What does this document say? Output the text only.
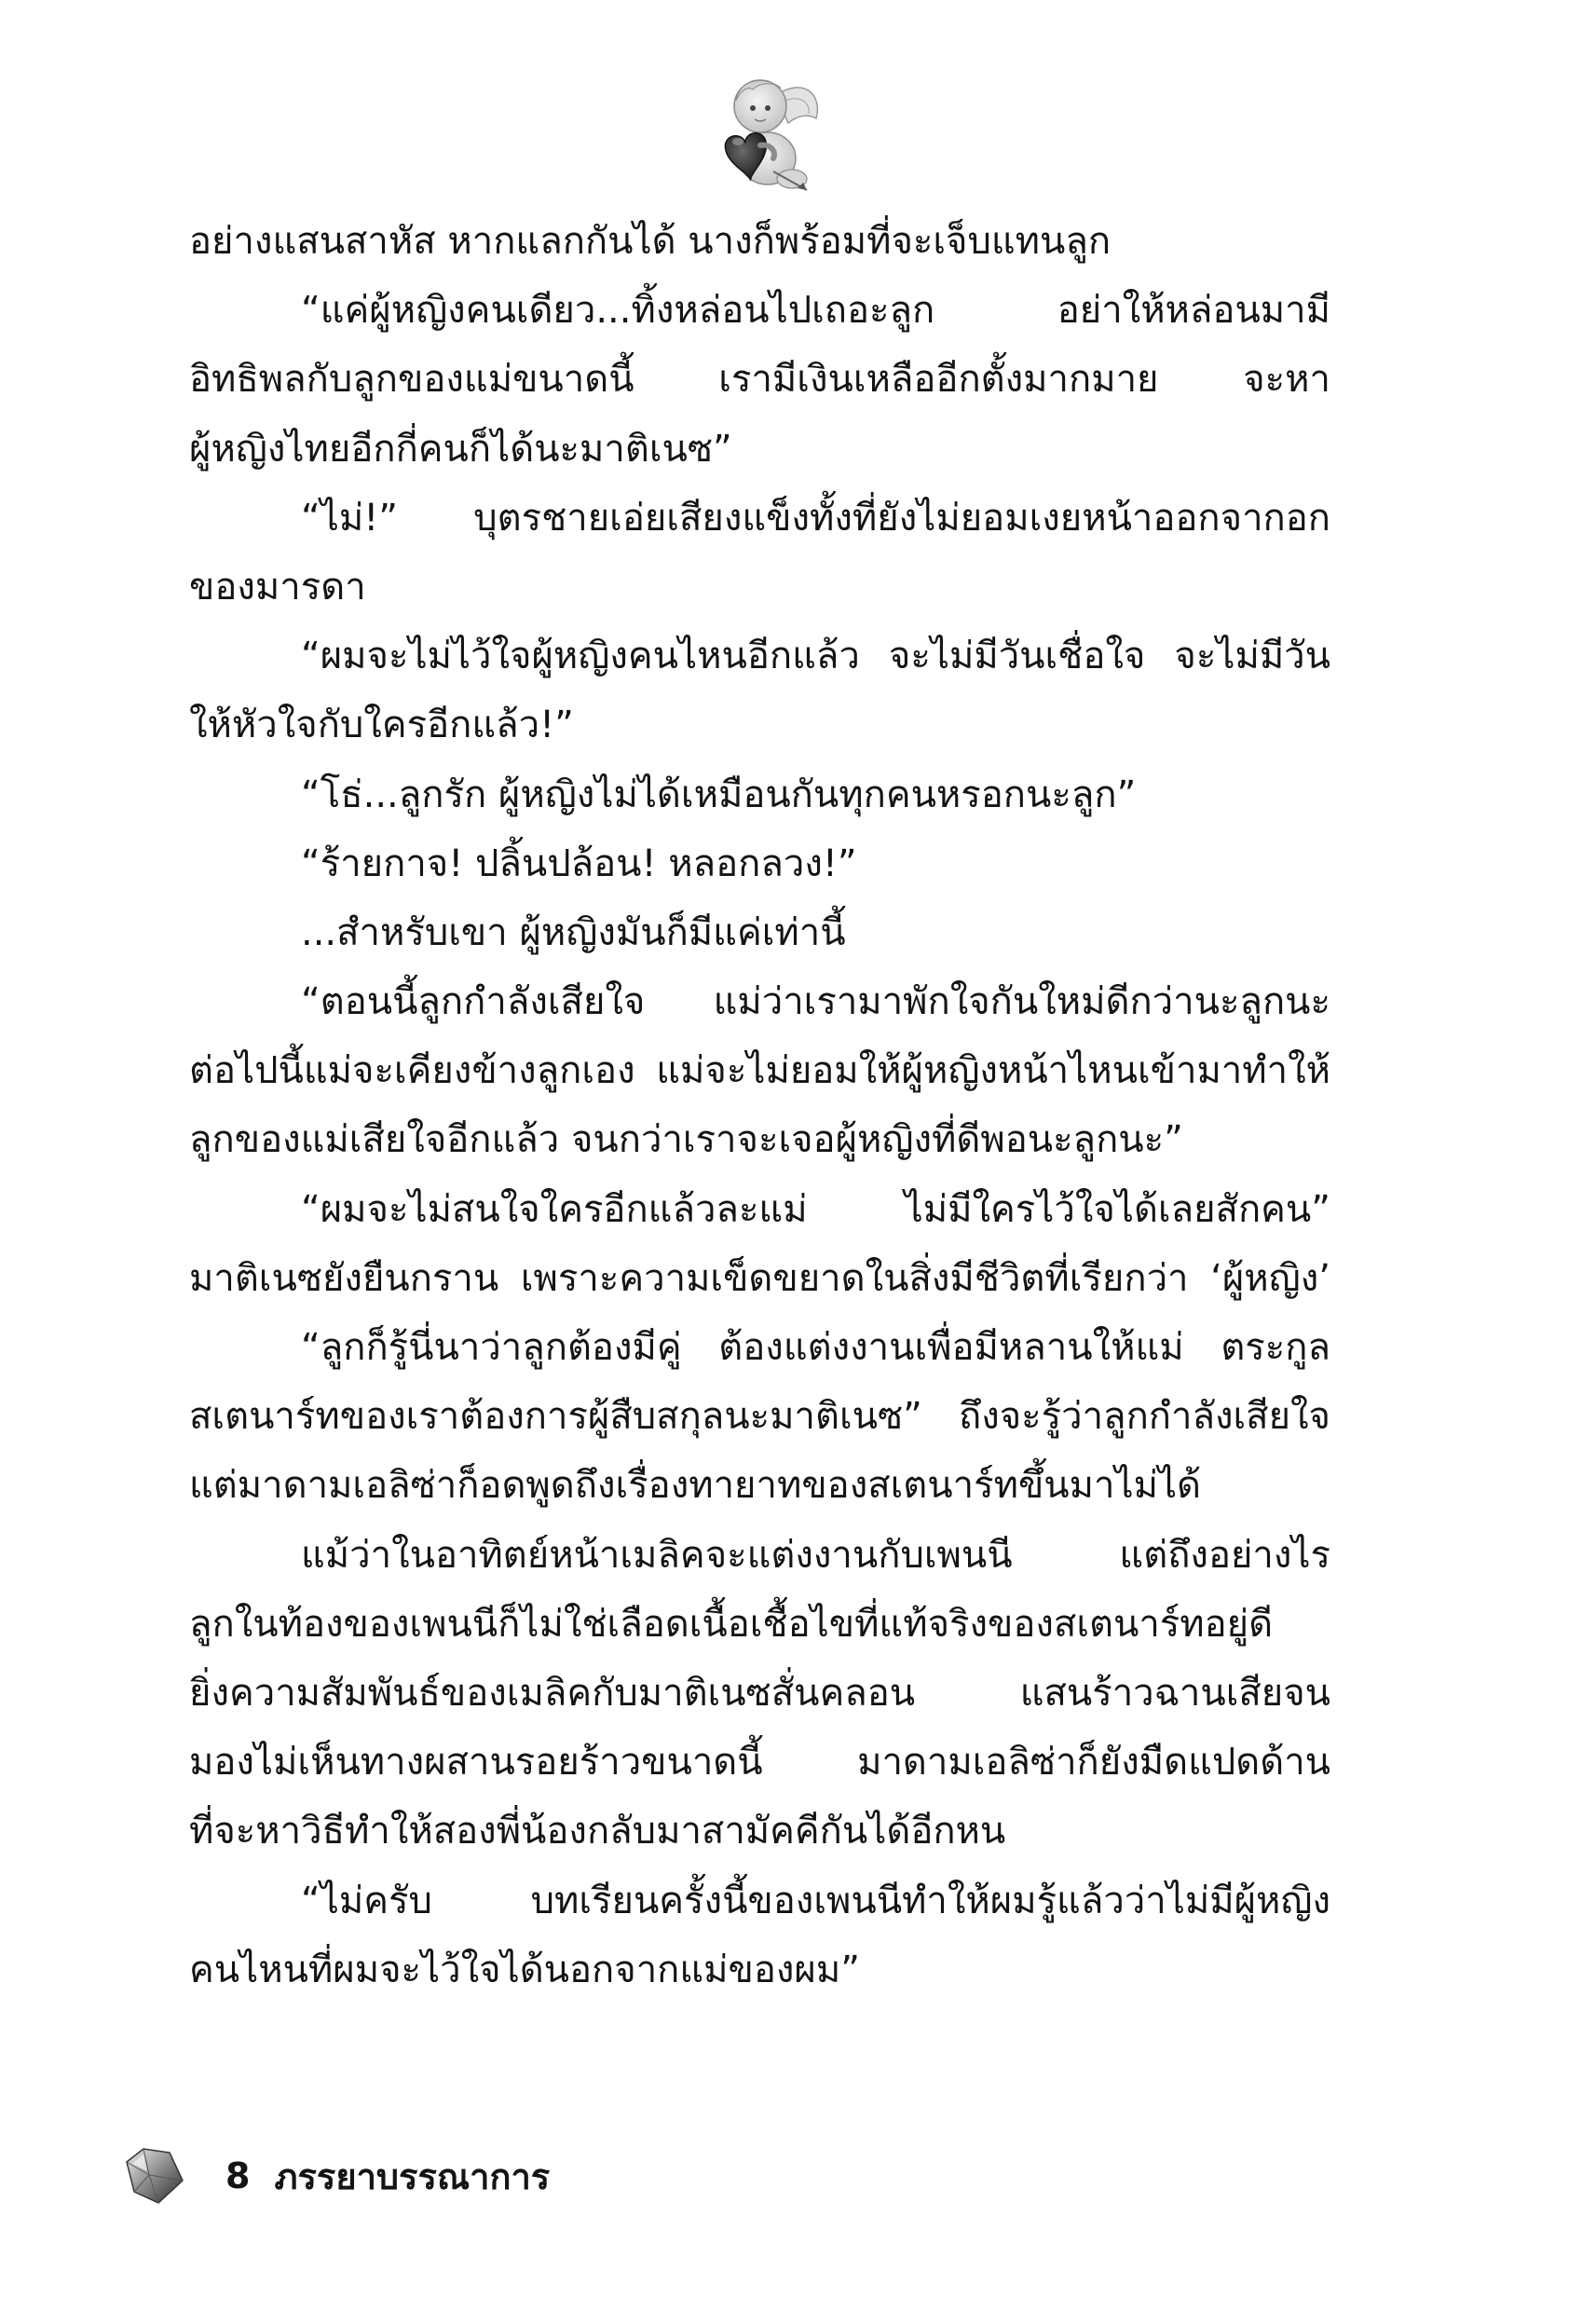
อย่างแสนสาหัส หากแลกกันได้ นางก็พร้อมที่จะเจ็บแทนลูก
“แค่ผู้หญิงคนเดียว...ทิ้งหล่อนไปเถอะลูก อย่าให้หล่อนมามี
อิทธิพลกับลูกของแม่ขนาดนี้ เรามีเงินเหลืออีกตั้งมากมาย จะหา
ผู้หญิงไทยอีกกี่คนก็ได้นะมาติเนซ”
“ไม่!” บุตรชายเอ่ยเสียงแข็งทั้งที่ยังไม่ยอมเงยหน้าออกจากอก
ของมารดา
“ผมจะไม่ไว้ใจผู้หญิงคนไหนอีกแล้ว จะไม่มีวันเชื่อใจ จะไม่มีวัน
ให้หัวใจกับใครอีกแล้ว!”
“โธ่...ลูกรัก ผู้หญิงไม่ได้เหมือนกันทุกคนหรอกนะลูก”
“ร้ายกาจ! ปลิ้นปล้อน! หลอกลวง!”
...สำหรับเขา ผู้หญิงมันก็มีแค่เท่านี้
“ตอนนี้ลูกกำลังเสียใจ แม่ว่าเรามาพักใจกันใหม่ดีกว่านะลูกนะ
ต่อไปนี้แม่จะเคียงข้างลูกเอง แม่จะไม่ยอมให้ผู้หญิงหน้าไหนเข้ามาทำให้
ลูกของแม่เสียใจอีกแล้ว จนกว่าเราจะเจอผู้หญิงที่ดีพอนะลูกนะ”
“ผมจะไม่สนใจใครอีกแล้วละแม่ ไม่มีใครไว้ใจได้เลยสักคน”
มาติเนซยังยืนกราน เพราะความเข็ดขยาดในสิ่งมีชีวิตที่เรียกว่า ‘ผู้หญิง’
“ลูกก็รู้นี่นาว่าลูกต้องมีคู่ ต้องแต่งงานเพื่อมีหลานให้แม่ ตระกูล
สเตนาร์ทของเราต้องการผู้สืบสกุลนะมาติเนซ” ถึงจะรู้ว่าลูกกำลังเสียใจ
แต่มาดามเอลิซ่าก็อดพูดถึงเรื่องทายาทของสเตนาร์ทขึ้นมาไม่ได้
แม้ว่าในอาทิตย์หน้าเมลิคจะแต่งงานกับเพนนี แต่ถึงอย่างไร
ลูกในท้องของเพนนีก็ไม่ใช่เลือดเนื้อเชื้อไขที่แท้จริงของสเตนาร์ทอยู่ดี
ยิ่งความสัมพันธ์ของเมลิคกับมาติเนซสั่นคลอน แสนร้าวฉานเสียจน
มองไม่เห็นทางผสานรอยร้าวขนาดนี้ มาดามเอลิซ่าก็ยังมืดแปดด้าน
ที่จะหาวิธีทำให้สองพี่น้องกลับมาสามัคคีกันได้อีกหน
“ไม่ครับ บทเรียนครั้งนี้ของเพนนีทำให้ผมรู้แล้วว่าไม่มีผู้หญิง
คนไหนที่ผมจะไว้ใจได้นอกจากแม่ของผม”
8 ภรรยาบรรณาการ
